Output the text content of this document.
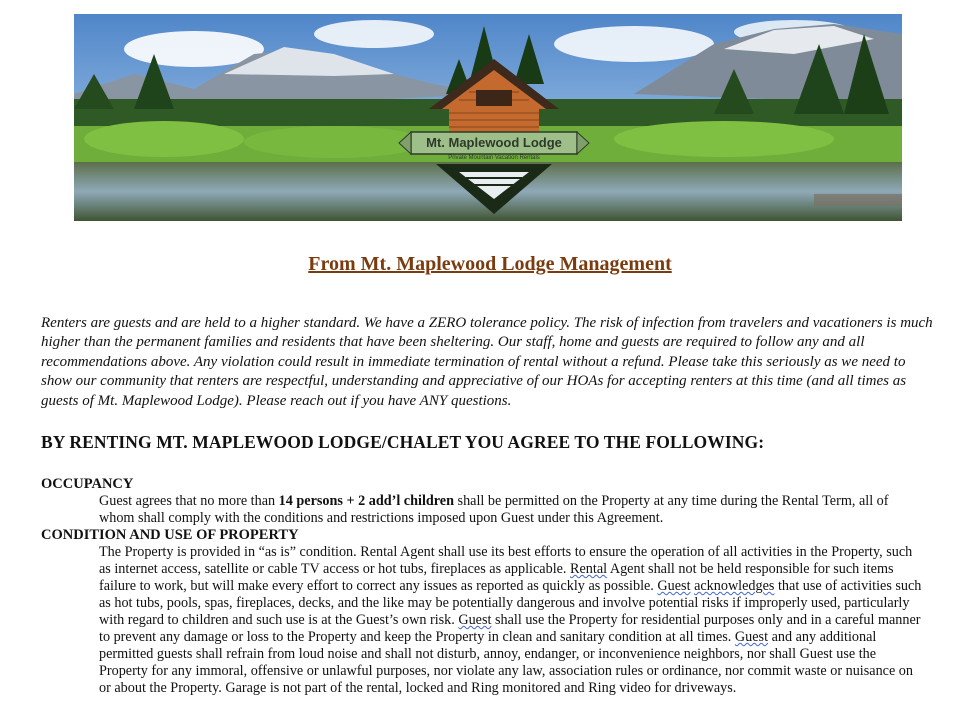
Mt. Maplewood Lodge
Private Mountain Vacation Rentals
From Mt. Maplewood Lodge Management

Renters are guests and are held to a higher standard. We have a ZERO tolerance policy. The risk of infection from travelers and vacationers is much higher than the permanent families and residents that have been sheltering. Our staff, home and guests are required to follow any and all recommendations above. Any violation could result in immediate termination of rental without a refund. Please take this seriously as we need to show our community that renters are respectful, understanding and appreciative of our HOAs for accepting renters at this time (and all times as guests of Mt. Maplewood Lodge). Please reach out if you have ANY questions.

BY RENTING MT. MAPLEWOOD LODGE/CHALET YOU AGREE TO THE FOLLOWING:
OCCUPANCY

Guest agrees that no more than 14 persons + 2 add’l children shall be permitted on the Property at any time during the Rental Term, all of whom shall comply with the conditions and restrictions imposed upon Guest under this Agreement.

CONDITION AND USE OF PROPERTY

The Property is provided in “as is” condition. Rental Agent shall use its best efforts to ensure the operation of all activities in the Property, such as internet access, satellite or cable TV access or hot tubs, fireplaces as applicable. Rental Agent shall not be held responsible for such items failure to work, but will make every effort to correct any issues as reported as quickly as possible. Guest acknowledges that use of activities such as hot tubs, pools, spas, fireplaces, decks, and the like may be potentially dangerous and involve potential risks if improperly used, particularly with regard to children and such use is at the Guest’s own risk. Guest shall use the Property for residential purposes only and in a careful manner to prevent any damage or loss to the Property and keep the Property in clean and sanitary condition at all times. Guest and any additional permitted guests shall refrain from loud noise and shall not disturb, annoy, endanger, or inconvenience neighbors, nor shall Guest use the Property for any immoral, offensive or unlawful purposes, nor violate any law, association rules or ordinance, nor commit waste or nuisance on or about the Property. Garage is not part of the rental, locked and Ring monitored and Ring video for driveways.
